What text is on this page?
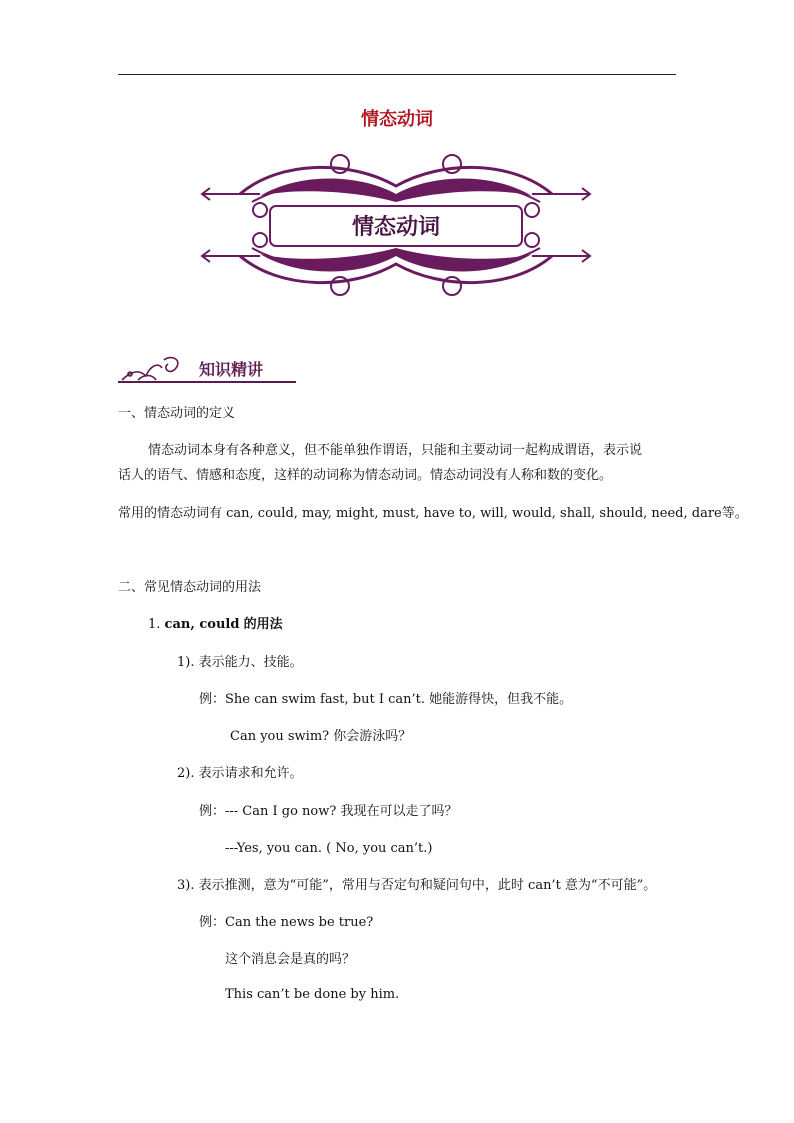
情态动词
情态动词
知识精讲
一、情态动词的定义
情态动词本身有各种意义，但不能单独作谓语，只能和主要动词一起构成谓语，表示说
话人的语气、情感和态度，这样的动词称为情态动词。情态动词没有人称和数的变化。
常用的情态动词有 can, could, may, might, must, have to, will, would, shall, should, need, dare等。
二、常见情态动词的用法
1. can, could 的用法
1). 表示能力、技能。
例：She can swim fast, but I can’t. 她能游得快，但我不能。
Can you swim? 你会游泳吗？
2). 表示请求和允许。
例：--- Can I go now? 我现在可以走了吗？
---Yes, you can. ( No, you can’t.)
3). 表示推测，意为“可能”，常用与否定句和疑问句中，此时 can’t 意为“不可能”。
例：Can the news be true?
这个消息会是真的吗？
This can’t be done by him.
